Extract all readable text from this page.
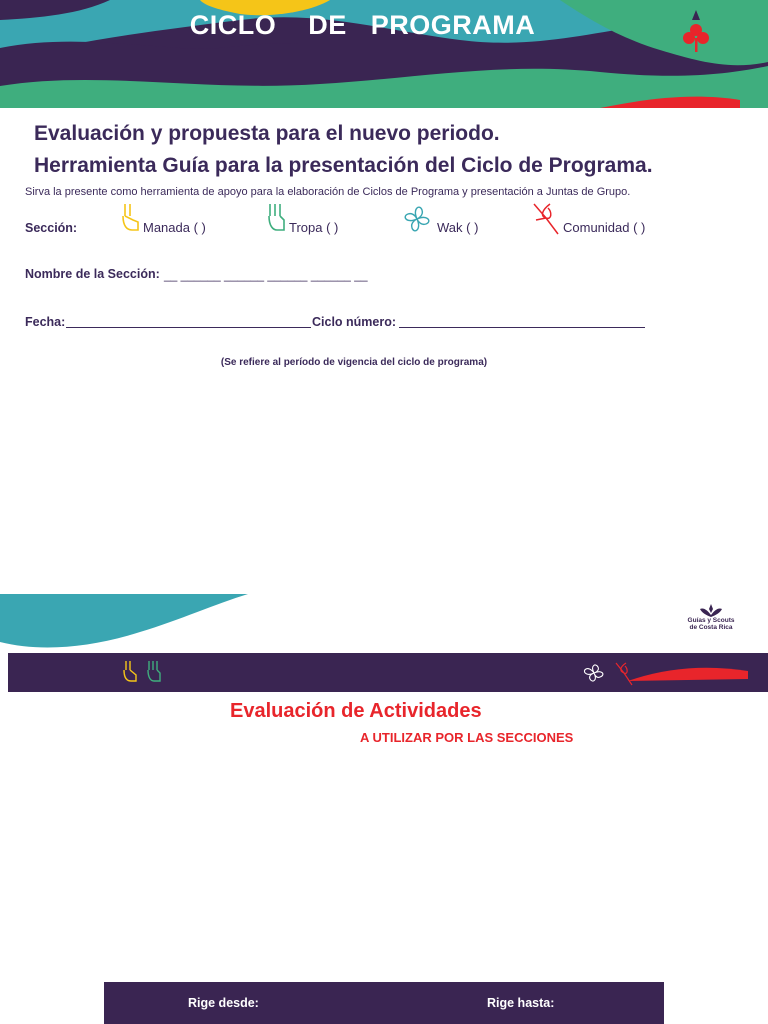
CICLO    DE   PROGRAMA
Evaluación y propuesta para el nuevo periodo.
Herramienta Guía para la presentación del Ciclo de Programa.
Sirva la presente como herramienta de apoyo para la elaboración de Ciclos de Programa y presentación a Juntas de Grupo.
Sección:	Manada ( )	Tropa ( )	Wak ( )	Comunidad ( )
Nombre de la Sección: __ ______ ______ ______ ______ __
Fecha:	Ciclo número:
(Se refiere al período de vigencia del ciclo de programa)
Guías y Scouts
de Costa Rica
Evaluación de Actividades
A UTILIZAR POR LAS SECCIONES
Rige desde:	Rige hasta:
